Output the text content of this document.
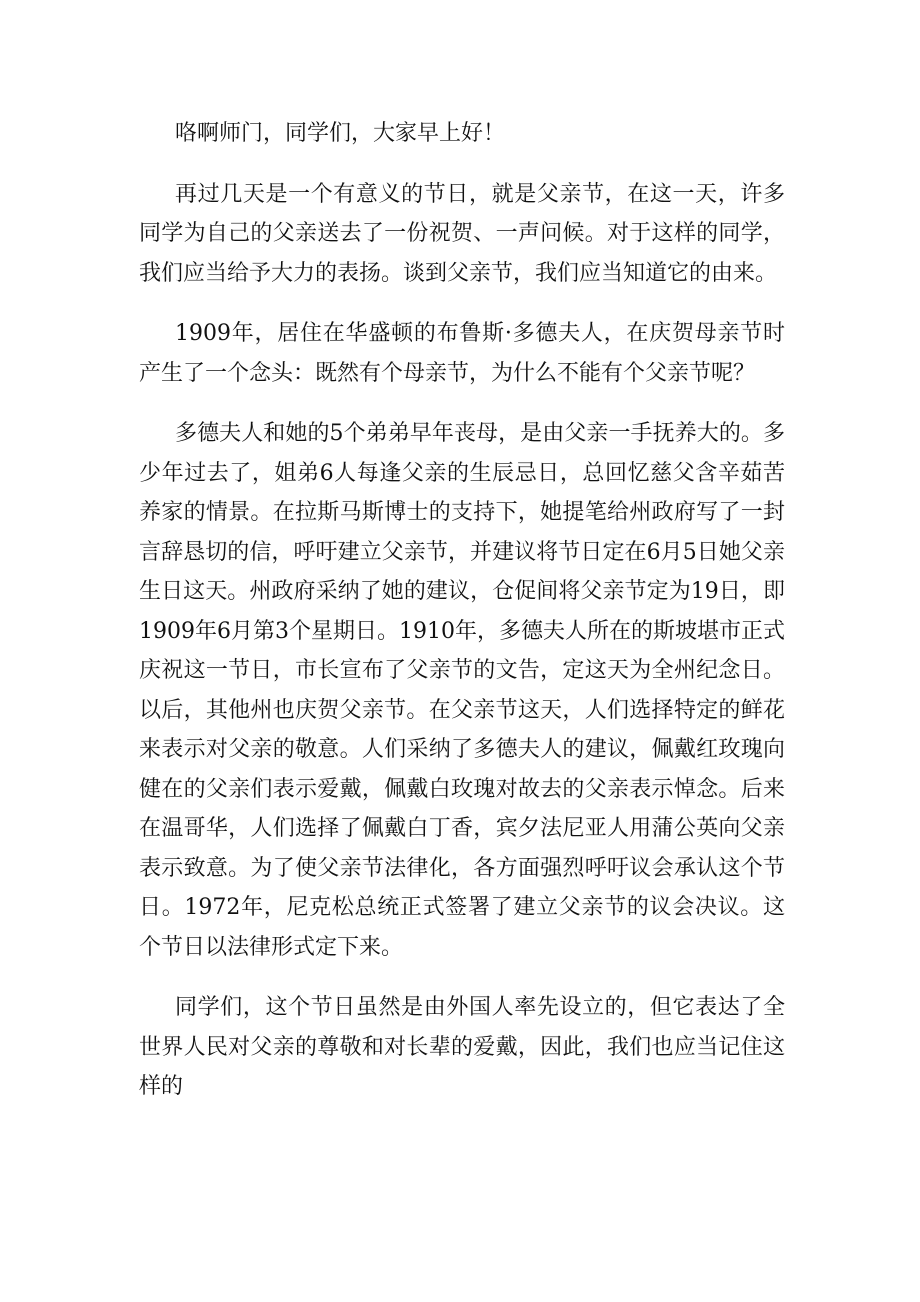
咯啊师门，同学们，大家早上好！

再过几天是一个有意义的节日，就是父亲节，在这一天，许多同学为自己的父亲送去了一份祝贺、一声问候。对于这样的同学，我们应当给予大力的表扬。谈到父亲节，我们应当知道它的由来。

1909年，居住在华盛顿的布鲁斯·多德夫人，在庆贺母亲节时产生了一个念头：既然有个母亲节，为什么不能有个父亲节呢？

多德夫人和她的5个弟弟早年丧母，是由父亲一手抚养大的。多少年过去了，姐弟6人每逢父亲的生辰忌日，总回忆慈父含辛茹苦养家的情景。在拉斯马斯博士的支持下，她提笔给州政府写了一封言辞恳切的信，呼吁建立父亲节，并建议将节日定在6月5日她父亲生日这天。州政府采纳了她的建议，仓促间将父亲节定为19日，即1909年6月第3个星期日。1910年，多德夫人所在的斯坡堪市正式庆祝这一节日，市长宣布了父亲节的文告，定这天为全州纪念日。以后，其他州也庆贺父亲节。在父亲节这天，人们选择特定的鲜花来表示对父亲的敬意。人们采纳了多德夫人的建议，佩戴红玫瑰向健在的父亲们表示爱戴，佩戴白玫瑰对故去的父亲表示悼念。后来在温哥华，人们选择了佩戴白丁香，宾夕法尼亚人用蒲公英向父亲表示致意。为了使父亲节法律化，各方面强烈呼吁议会承认这个节日。1972年，尼克松总统正式签署了建立父亲节的议会决议。这个节日以法律形式定下来。

同学们，这个节日虽然是由外国人率先设立的，但它表达了全世界人民对父亲的尊敬和对长辈的爱戴，因此，我们也应当记住这样的
